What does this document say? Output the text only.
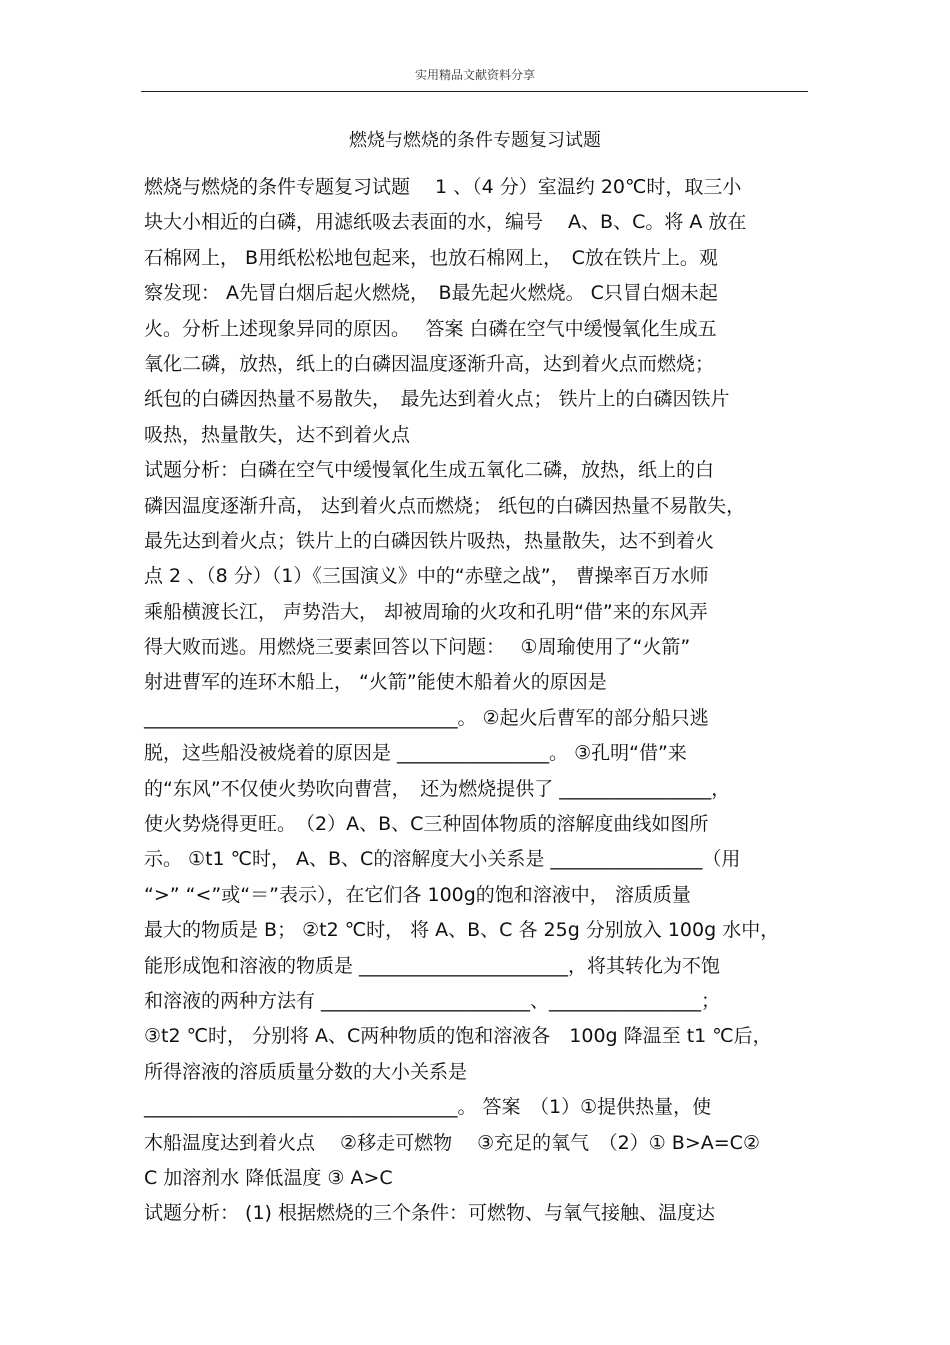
实用精品文献资料分享
燃烧与燃烧的条件专题复习试题
燃烧与燃烧的条件专题复习试题　 1 、（4 分）室温约 20℃时，取三小
块大小相近的白磷，用滤纸吸去表面的水，编号　 A、B、C。将 A 放在
石棉网上， B用纸松松地包起来，也放石棉网上，　C放在铁片上。观
察发现： A先冒白烟后起火燃烧，　B最先起火燃烧。 C只冒白烟未起
火。分析上述现象异同的原因。　 答案 白磷在空气中缓慢氧化生成五
氧化二磷，放热，纸上的白磷因温度逐渐升高，达到着火点而燃烧；
纸包的白磷因热量不易散失，　最先达到着火点； 铁片上的白磷因铁片
吸热，热量散失，达不到着火点
试题分析：白磷在空气中缓慢氧化生成五氧化二磷，放热，纸上的白
磷因温度逐渐升高， 达到着火点而燃烧； 纸包的白磷因热量不易散失，
最先达到着火点；铁片上的白磷因铁片吸热，热量散失，达不到着火
点 2 、（8 分）（1）《三国演义》中的“赤壁之战”， 曹操率百万水师
乘船横渡长江， 声势浩大， 却被周瑜的火攻和孔明“借”来的东风弄
得大败而逃。用燃烧三要素回答以下问题：　 ①周瑜使用了“火箭”
射进曹军的连环木船上， “火箭”能使木船着火的原因是
_________________________________。 ②起火后曹军的部分船只逃
脱，这些船没被烧着的原因是 ________________。 ③孔明“借”来
的“东风”不仅使火势吹向曹营，　还为燃烧提供了 ________________，
使火势烧得更旺。　（2）A、B、C三种固体物质的溶解度曲线如图所
示。 ①t1 ℃时， A、B、C的溶解度大小关系是 ________________（用
“>” “<”或“＝”表示），在它们各 100g的饱和溶液中， 溶质质量
最大的物质是 B； ②t2 ℃时， 将 A、B、C 各 25g 分别放入 100g 水中，
能形成饱和溶液的物质是 ______________________，将其转化为不饱
和溶液的两种方法有 ______________________、________________；
③t2 ℃时， 分别将 A、C两种物质的饱和溶液各　100g 降温至 t1 ℃后，
所得溶液的溶质质量分数的大小关系是
_________________________________。 答案　（1）①提供热量，使
木船温度达到着火点　 ②移走可燃物　 ③充足的氧气　（2）① B>A=C②
C 加溶剂水 降低温度 ③ A>C
试题分析： (1) 根据燃烧的三个条件：可燃物、与氧气接触、温度达
